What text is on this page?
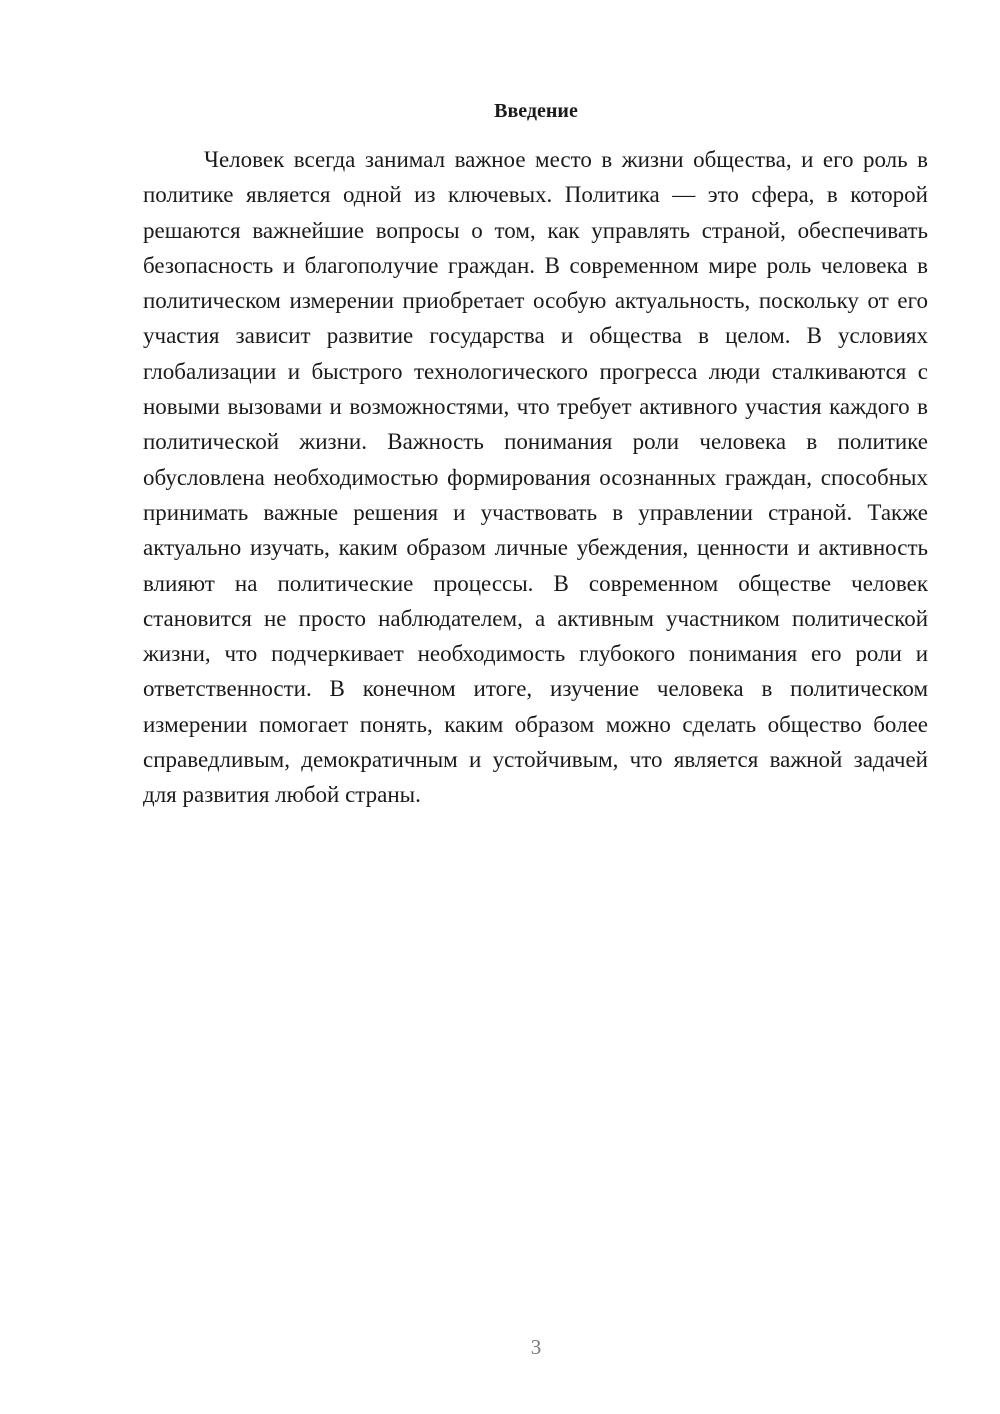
Введение

Человек всегда занимал важное место в жизни общества, и его роль в политике является одной из ключевых. Политика — это сфера, в которой решаются важнейшие вопросы о том, как управлять страной, обеспечивать безопасность и благополучие граждан. В современном мире роль человека в политическом измерении приобретает особую актуальность, поскольку от его участия зависит развитие государства и общества в целом. В условиях глобализации и быстрого технологического прогресса люди сталкиваются с новыми вызовами и возможностями, что требует активного участия каждого в политической жизни. Важность понимания роли человека в политике обусловлена необходимостью формирования осознанных граждан, способных принимать важные решения и участвовать в управлении страной. Также актуально изучать, каким образом личные убеждения, ценности и активность влияют на политические процессы. В современном обществе человек становится не просто наблюдателем, а активным участником политической жизни, что подчеркивает необходимость глубокого понимания его роли и ответственности. В конечном итоге, изучение человека в политическом измерении помогает понять, каким образом можно сделать общество более справедливым, демократичным и устойчивым, что является важной задачей для развития любой страны.

3
